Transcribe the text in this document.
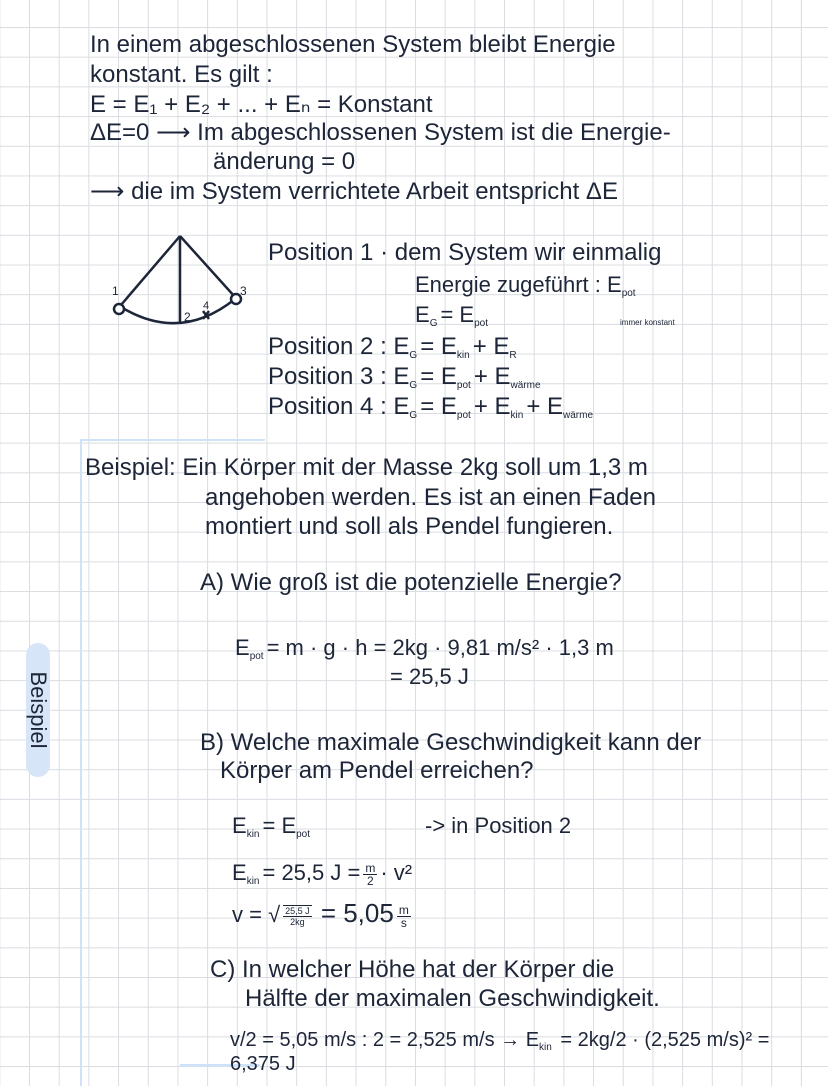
Beispiel
In einem abgeschlossenen System bleibt Energie
konstant. Es gilt :
E = E₁ + E₂ + ... + Eₙ = Konstant
ΔE=0 ⟶ Im abgeschlossenen System ist die Energie-
änderung = 0
⟶ die im System verrichtete Arbeit entspricht ΔE
1
2
3
4
Position 1 · dem System wir einmalig
Energie zugeführt : $E_{pot}$
$E_G = E_{pot}$	immer konstant
Position 2 : $E_G = E_{kin} + E_R$
Position 3 : $E_G = E_{pot} + E_{wärme}$
Position 4 : $E_G = E_{pot} + E_{kin} + E_{wärme}$
Beispiel: Ein Körper mit der Masse 2kg soll um 1,3 m
angehoben werden. Es ist an einen Faden
montiert und soll als Pendel fungieren.
A) Wie groß ist die potenzielle Energie?
$E_{pot} = m \cdot g \cdot h = 2kg \cdot 9,81$ m/s² · 1,3 m
= 25,5 J
B) Welche maximale Geschwindigkeit kann der
Körper am Pendel erreichen?
$E_{kin} = E_{pot}$	-> in Position 2
$E_{kin} = 25,5$ $J = \frac{m}{2} \cdot v^2$
v = √ $\frac{25,5 J}{2kg} = 5,05 \frac{m}{s}$
C) In welcher Höhe hat der Körper die
Hälfte der maximalen Geschwindigkeit.
v/2 = 5,05 m/s : 2 = 2,525 $m/s \to E_{kin} = 2kg/2 \cdot (2,525$ m/s)² = 6,375 J
